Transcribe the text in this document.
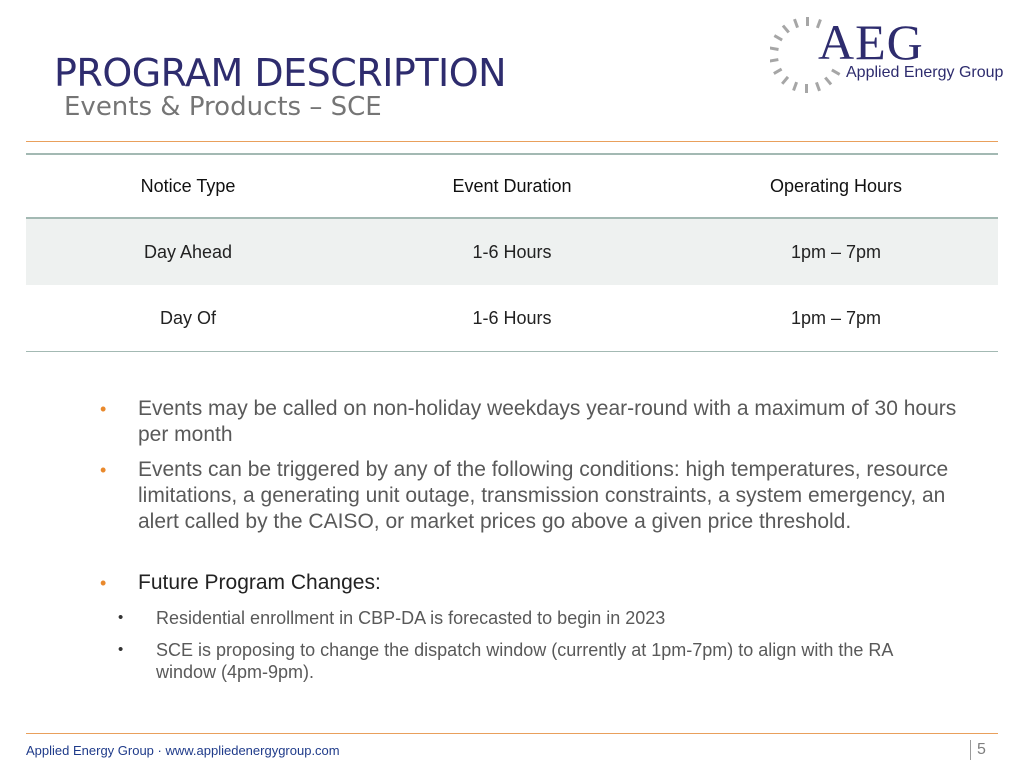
PROGRAM DESCRIPTION
Events & Products – SCE
AEG
Applied Energy Group
Notice Type	Event Duration	Operating Hours
Day Ahead	1-6 Hours	1pm – 7pm
Day Of	1-6 Hours	1pm – 7pm
• Events may be called on non-holiday weekdays year-round with a maximum of 30 hours per month
• Events can be triggered by any of the following conditions: high temperatures, resource limitations, a generating unit outage, transmission constraints, a system emergency, an alert called by the CAISO, or market prices go above a given price threshold.
• Future Program Changes:
• Residential enrollment in CBP-DA is forecasted to begin in 2023
• SCE is proposing to change the dispatch window (currently at 1pm-7pm) to align with the RA window (4pm-9pm).
Applied Energy Group · www.appliedenergygroup.com	5
